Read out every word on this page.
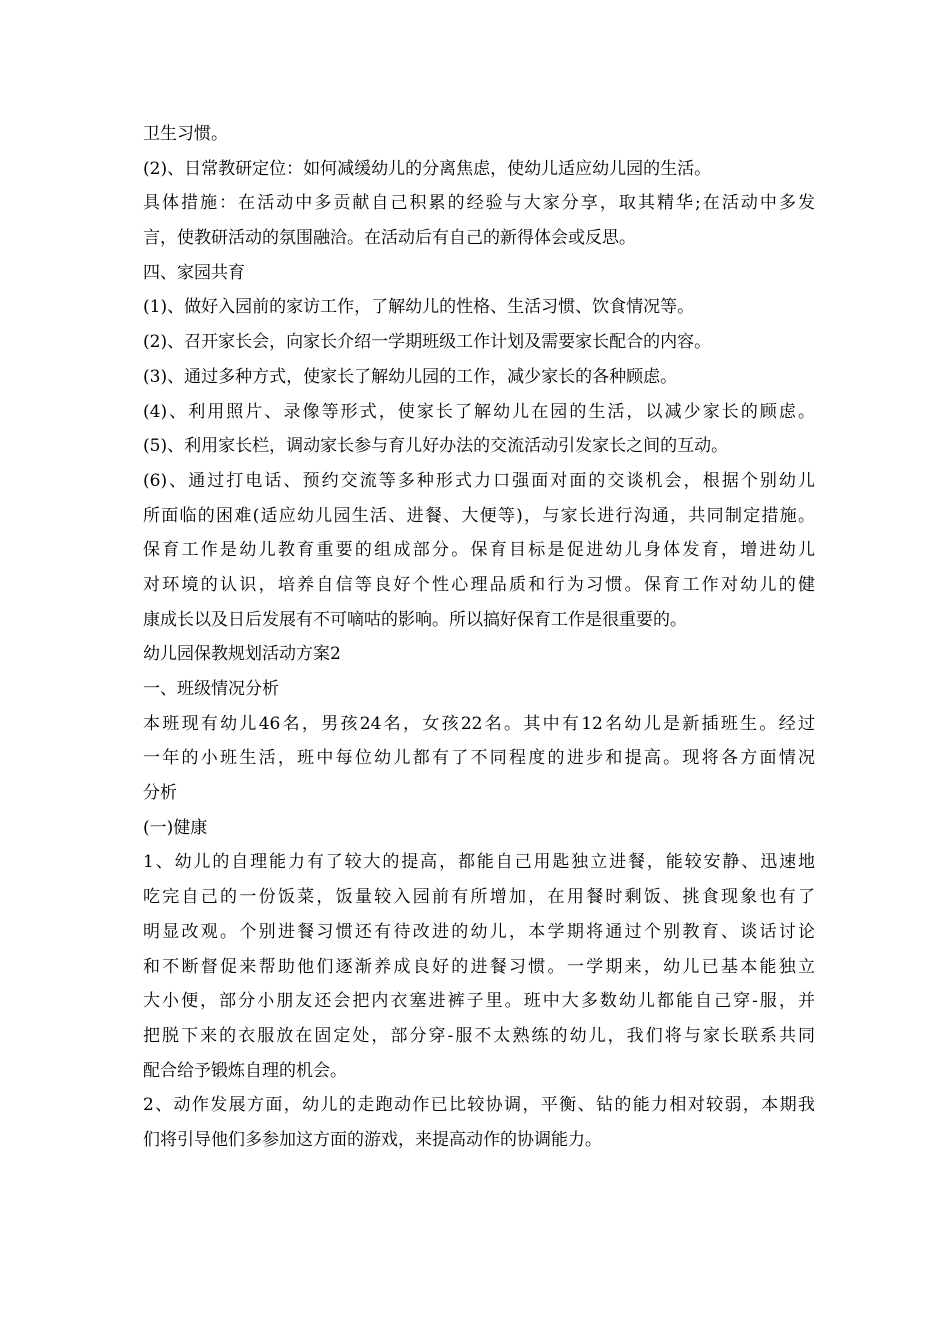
卫生习惯。
(2)、日常教研定位：如何减缓幼儿的分离焦虑，使幼儿适应幼儿园的生活。
具体措施：在活动中多贡献自己积累的经验与大家分享，取其精华;在活动中多发
言，使教研活动的氛围融洽。在活动后有自己的新得体会或反思。
四、家园共育
(1)、做好入园前的家访工作，了解幼儿的性格、生活习惯、饮食情况等。
(2)、召开家长会，向家长介绍一学期班级工作计划及需要家长配合的内容。
(3)、通过多种方式，使家长了解幼儿园的工作，减少家长的各种顾虑。
(4)、利用照片、录像等形式，使家长了解幼儿在园的生活，以减少家长的顾虑。
(5)、利用家长栏，调动家长参与育儿好办法的交流活动引发家长之间的互动。
(6)、通过打电话、预约交流等多种形式力口强面对面的交谈机会，根据个别幼儿
所面临的困难(适应幼儿园生活、进餐、大便等)，与家长进行沟通，共同制定措施。
保育工作是幼儿教育重要的组成部分。保育目标是促进幼儿身体发育，增进幼儿
对环境的认识，培养自信等良好个性心理品质和行为习惯。保育工作对幼儿的健
康成长以及日后发展有不可嘀咕的影响。所以搞好保育工作是很重要的。
幼儿园保教规划活动方案2
一、班级情况分析
本班现有幼儿46名，男孩24名，女孩22名。其中有12名幼儿是新插班生。经过
一年的小班生活，班中每位幼儿都有了不同程度的进步和提高。现将各方面情况
分析
(一)健康
1、幼儿的自理能力有了较大的提高，都能自己用匙独立进餐，能较安静、迅速地
吃完自己的一份饭菜，饭量较入园前有所增加，在用餐时剩饭、挑食现象也有了
明显改观。个别进餐习惯还有待改进的幼儿，本学期将通过个别教育、谈话讨论
和不断督促来帮助他们逐渐养成良好的进餐习惯。一学期来，幼儿已基本能独立
大小便，部分小朋友还会把内衣塞进裤子里。班中大多数幼儿都能自己穿-服，并
把脱下来的衣服放在固定处，部分穿-服不太熟练的幼儿，我们将与家长联系共同
配合给予锻炼自理的机会。
2、动作发展方面，幼儿的走跑动作已比较协调，平衡、钻的能力相对较弱，本期我
们将引导他们多参加这方面的游戏，来提高动作的协调能力。
